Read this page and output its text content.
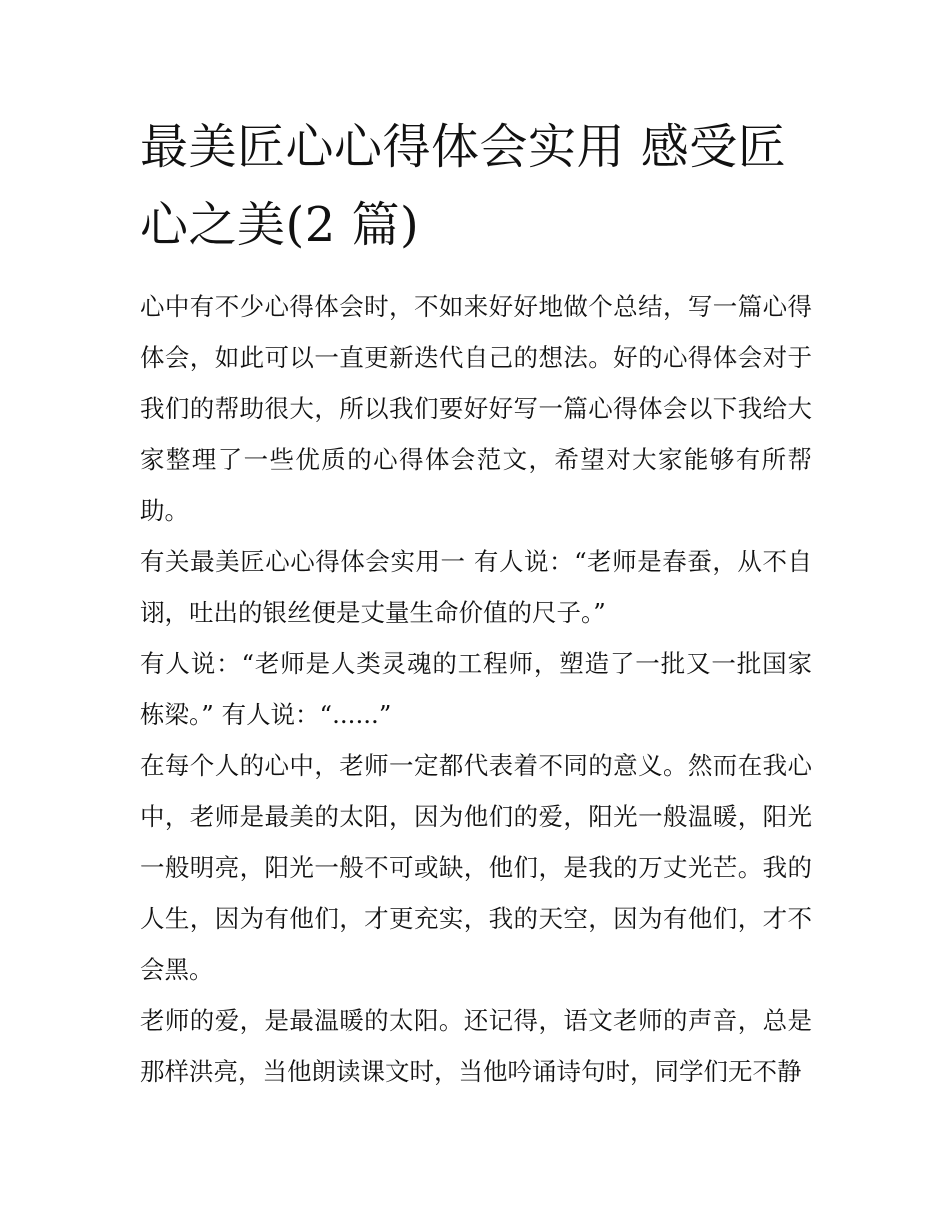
最美匠心心得体会实用 感受匠心之美(2 篇)

心中有不少心得体会时，不如来好好地做个总结，写一篇心得体会，如此可以一直更新迭代自己的想法。好的心得体会对于我们的帮助很大，所以我们要好好写一篇心得体会以下我给大家整理了一些优质的心得体会范文，希望对大家能够有所帮助。

有关最美匠心心得体会实用一 有人说：“老师是春蚕，从不自诩，吐出的银丝便是丈量生命价值的尺子。”

有人说：“老师是人类灵魂的工程师，塑造了一批又一批国家栋梁。” 有人说：“......”

在每个人的心中，老师一定都代表着不同的意义。然而在我心中，老师是最美的太阳，因为他们的爱，阳光一般温暖，阳光一般明亮，阳光一般不可或缺，他们，是我的万丈光芒。我的人生，因为有他们，才更充实，我的天空，因为有他们，才不会黑。

老师的爱，是最温暖的太阳。还记得，语文老师的声音，总是那样洪亮，当他朗读课文时，当他吟诵诗句时，同学们无不静
